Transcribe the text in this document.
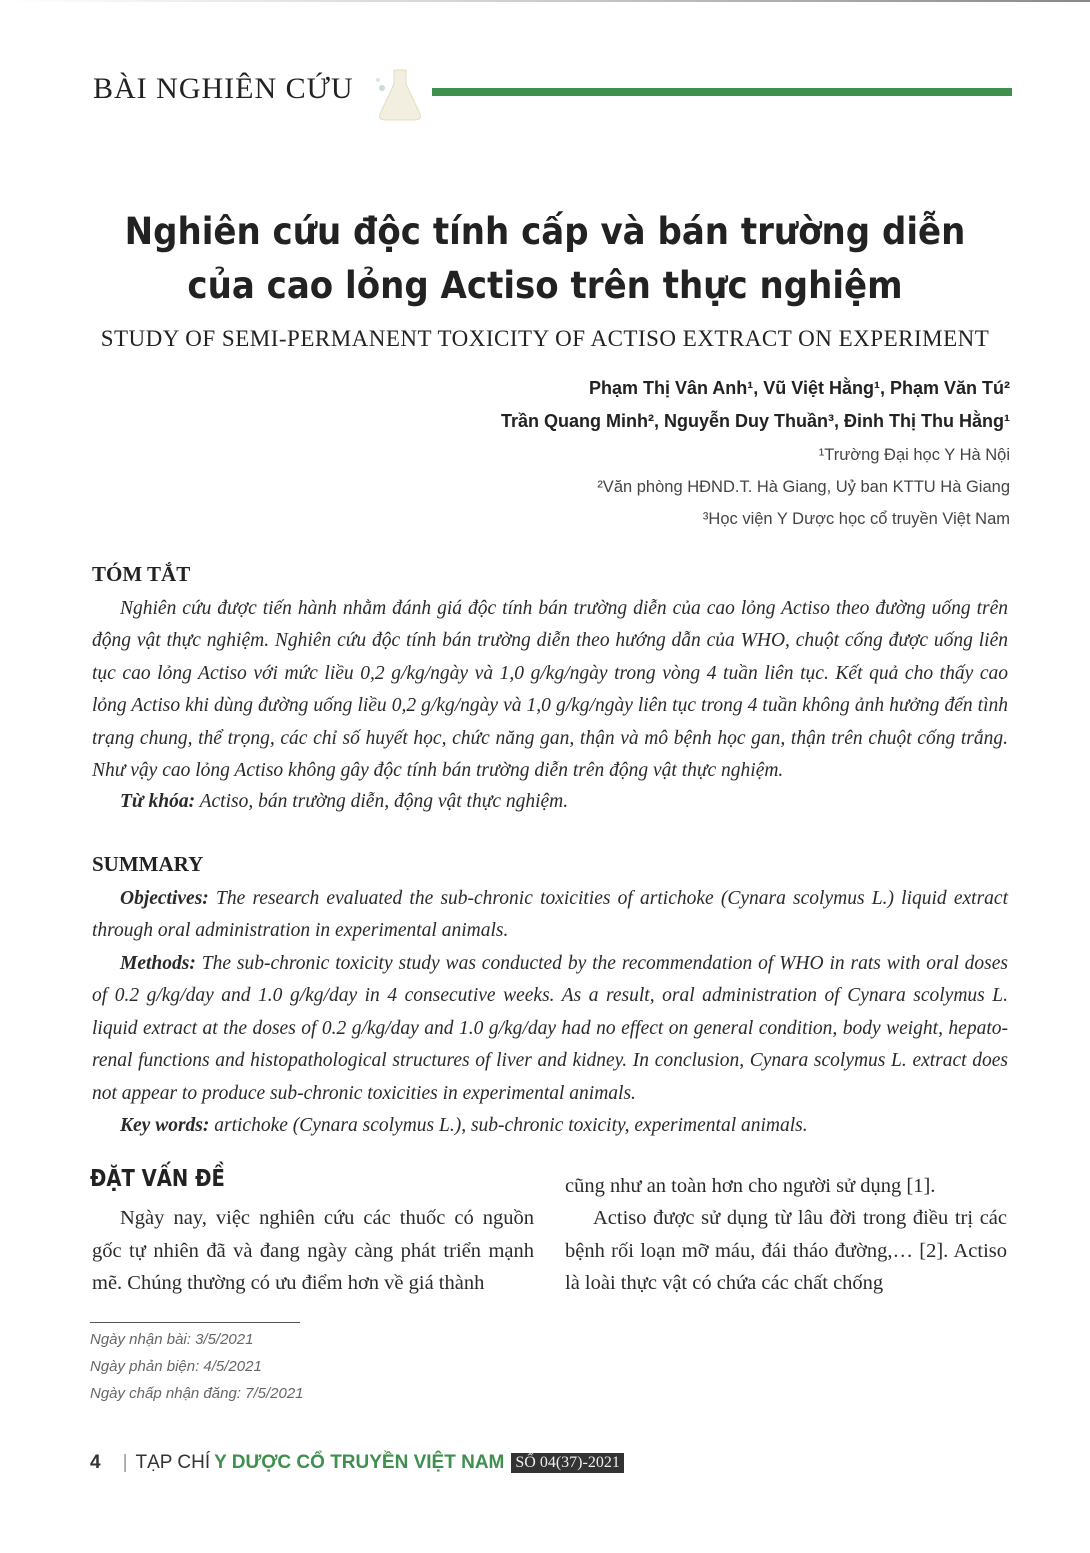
BÀI NGHIÊN CỨU
Nghiên cứu độc tính cấp và bán trường diễn
của cao lỏng Actiso trên thực nghiệm
STUDY OF SEMI-PERMANENT TOXICITY OF ACTISO EXTRACT ON EXPERIMENT
Phạm Thị Vân Anh¹, Vũ Việt Hằng¹, Phạm Văn Tú²
Trần Quang Minh², Nguyễn Duy Thuần³, Đinh Thị Thu Hằng¹
¹Trường Đại học Y Hà Nội
²Văn phòng HĐND.T. Hà Giang, Uỷ ban KTTU Hà Giang
³Học viện Y Dược học cổ truyền Việt Nam
TÓM TẮT
Nghiên cứu được tiến hành nhằm đánh giá độc tính bán trường diễn của cao lỏng Actiso theo đường uống trên động vật thực nghiệm. Nghiên cứu độc tính bán trường diễn theo hướng dẫn của WHO, chuột cống được uống liên tục cao lỏng Actiso với mức liều 0,2 g/kg/ngày và 1,0 g/kg/ngày trong vòng 4 tuần liên tục. Kết quả cho thấy cao lỏng Actiso khi dùng đường uống liều 0,2 g/kg/ngày và 1,0 g/kg/ngày liên tục trong 4 tuần không ảnh hưởng đến tình trạng chung, thể trọng, các chỉ số huyết học, chức năng gan, thận và mô bệnh học gan, thận trên chuột cống trắng. Như vậy cao lỏng Actiso không gây độc tính bán trường diễn trên động vật thực nghiệm.
Từ khóa: Actiso, bán trường diễn, động vật thực nghiệm.
SUMMARY
Objectives: The research evaluated the sub-chronic toxicities of artichoke (Cynara scolymus L.) liquid extract through oral administration in experimental animals.
Methods: The sub-chronic toxicity study was conducted by the recommendation of WHO in rats with oral doses of 0.2 g/kg/day and 1.0 g/kg/day in 4 consecutive weeks. As a result, oral administration of Cynara scolymus L. liquid extract at the doses of 0.2 g/kg/day and 1.0 g/kg/day had no effect on general condition, body weight, hepato-renal functions and histopathological structures of liver and kidney. In conclusion, Cynara scolymus L. extract does not appear to produce sub-chronic toxicities in experimental animals.
Key words: artichoke (Cynara scolymus L.), sub-chronic toxicity, experimental animals.
ĐẶT VẤN ĐỀ
Ngày nay, việc nghiên cứu các thuốc có nguồn gốc tự nhiên đã và đang ngày càng phát triển mạnh mẽ. Chúng thường có ưu điểm hơn về giá thành
cũng như an toàn hơn cho người sử dụng [1].
Actiso được sử dụng từ lâu đời trong điều trị các bệnh rối loạn mỡ máu, đái tháo đường,… [2]. Actiso là loài thực vật có chứa các chất chống
Ngày nhận bài: 3/5/2021
Ngày phản biện: 4/5/2021
Ngày chấp nhận đăng: 7/5/2021
4 | TẠP CHÍ Y DƯỢC CỔ TRUYỀN VIỆT NAM SỐ 04(37)-2021
